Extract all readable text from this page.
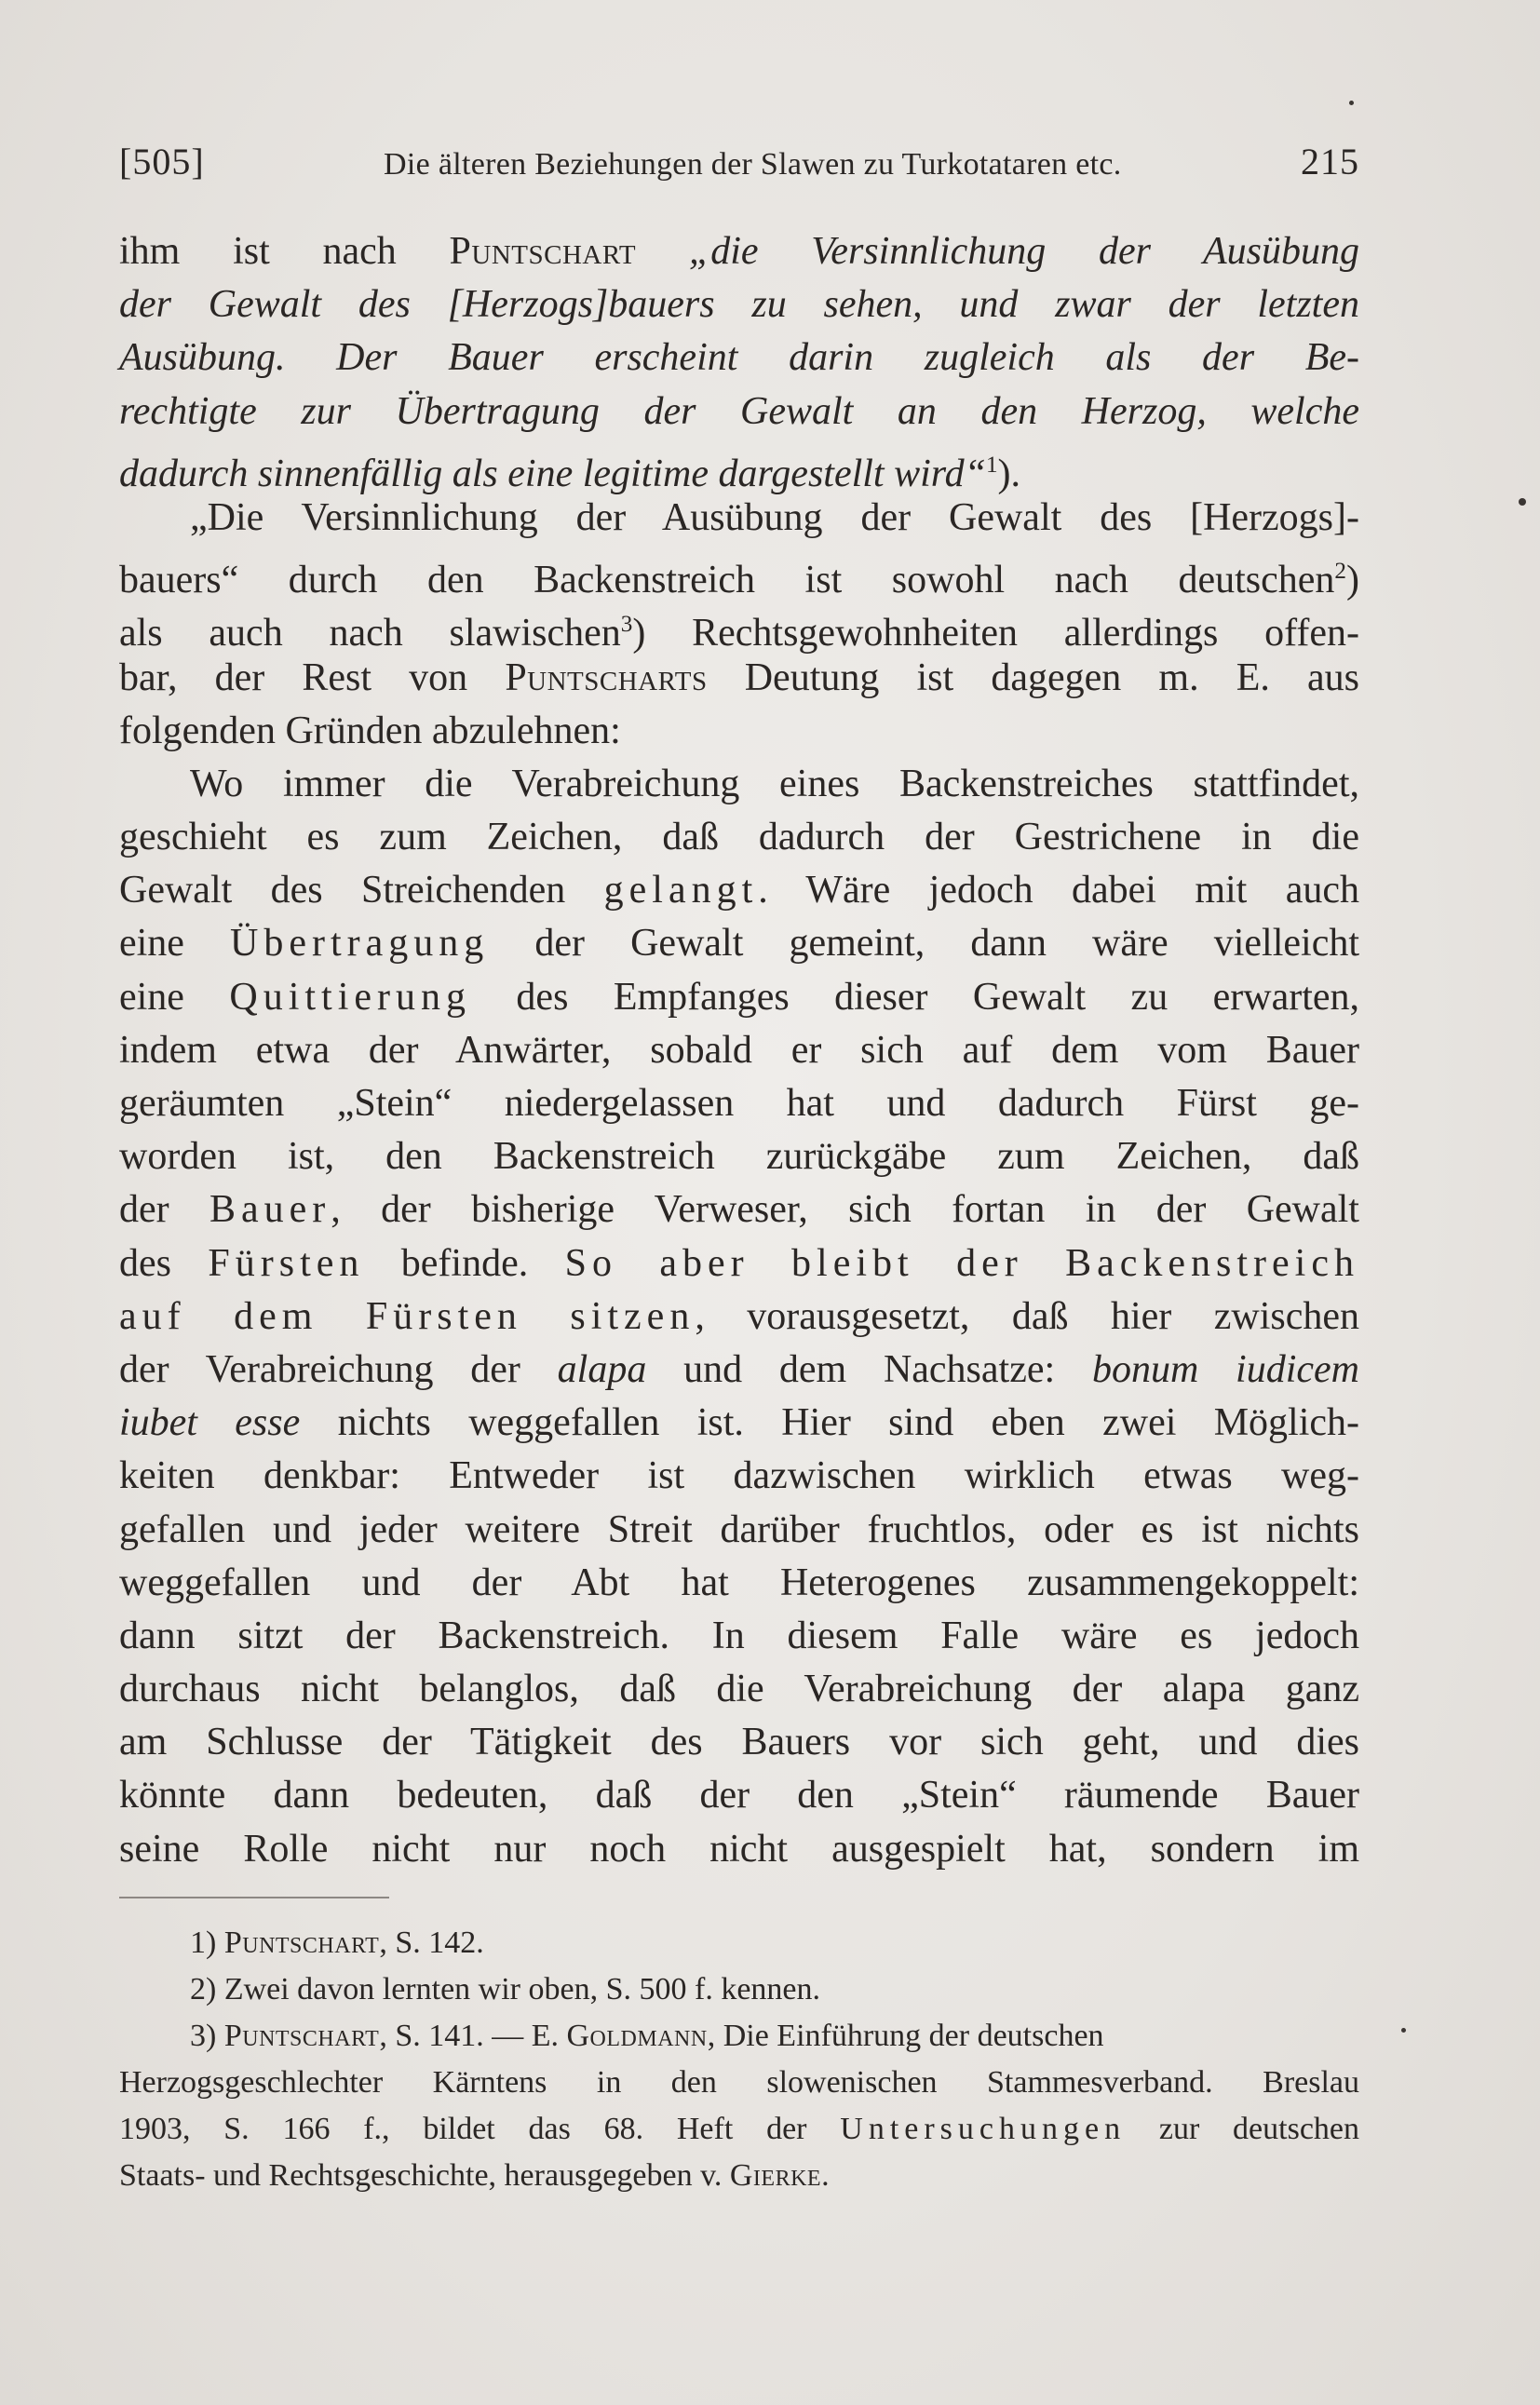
[505]	Die älteren Beziehungen der Slawen zu Turkotataren etc.	215
ihm ist nach Puntschart „die Versinnlichung der Ausübung
der Gewalt des [Herzogs]bauers zu sehen, und zwar der letzten
Ausübung. Der Bauer erscheint darin zugleich als der Be-
rechtigte zur Übertragung der Gewalt an den Herzog, welche
dadurch sinnenfällig als eine legitime dargestellt wird“$^1$).
„Die Versinnlichung der Ausübung der Gewalt des [Herzogs]-
bauers“ durch den Backenstreich ist sowohl nach deutschen$^2$)
als auch nach slawischen$^3$) Rechtsgewohnheiten allerdings offen-
bar, der Rest von Puntscharts Deutung ist dagegen m. E. aus
folgenden Gründen abzulehnen:
Wo immer die Verabreichung eines Backenstreiches stattfindet,
geschieht es zum Zeichen, daß dadurch der Gestrichene in die
Gewalt des Streichenden gelangt. Wäre jedoch dabei mit auch
eine Übertragung der Gewalt gemeint, dann wäre vielleicht
eine Quittierung des Empfanges dieser Gewalt zu erwarten,
indem etwa der Anwärter, sobald er sich auf dem vom Bauer
geräumten „Stein“ niedergelassen hat und dadurch Fürst ge-
worden ist, den Backenstreich zurückgäbe zum Zeichen, daß
der Bauer, der bisherige Verweser, sich fortan in der Gewalt
des Fürsten befinde. So aber bleibt der Backenstreich
auf dem Fürsten sitzen, vorausgesetzt, daß hier zwischen
der Verabreichung der alapa und dem Nachsatze: bonum iudicem
iubet esse nichts weggefallen ist. Hier sind eben zwei Möglich-
keiten denkbar: Entweder ist dazwischen wirklich etwas weg-
gefallen und jeder weitere Streit darüber fruchtlos, oder es ist nichts
weggefallen und der Abt hat Heterogenes zusammengekoppelt:
dann sitzt der Backenstreich. In diesem Falle wäre es jedoch
durchaus nicht belanglos, daß die Verabreichung der alapa ganz
am Schlusse der Tätigkeit des Bauers vor sich geht, und dies
könnte dann bedeuten, daß der den „Stein“ räumende Bauer
seine Rolle nicht nur noch nicht ausgespielt hat, sondern im
1) Puntschart, S. 142.
2) Zwei davon lernten wir oben, S. 500 f. kennen.
3) Puntschart, S. 141. — E. Goldmann, Die Einführung der deutschen
Herzogsgeschlechter Kärntens in den slowenischen Stammesverband. Breslau
1903, S. 166 f., bildet das 68. Heft der Untersuchungen zur deutschen
Staats- und Rechtsgeschichte, herausgegeben v. Gierke.
